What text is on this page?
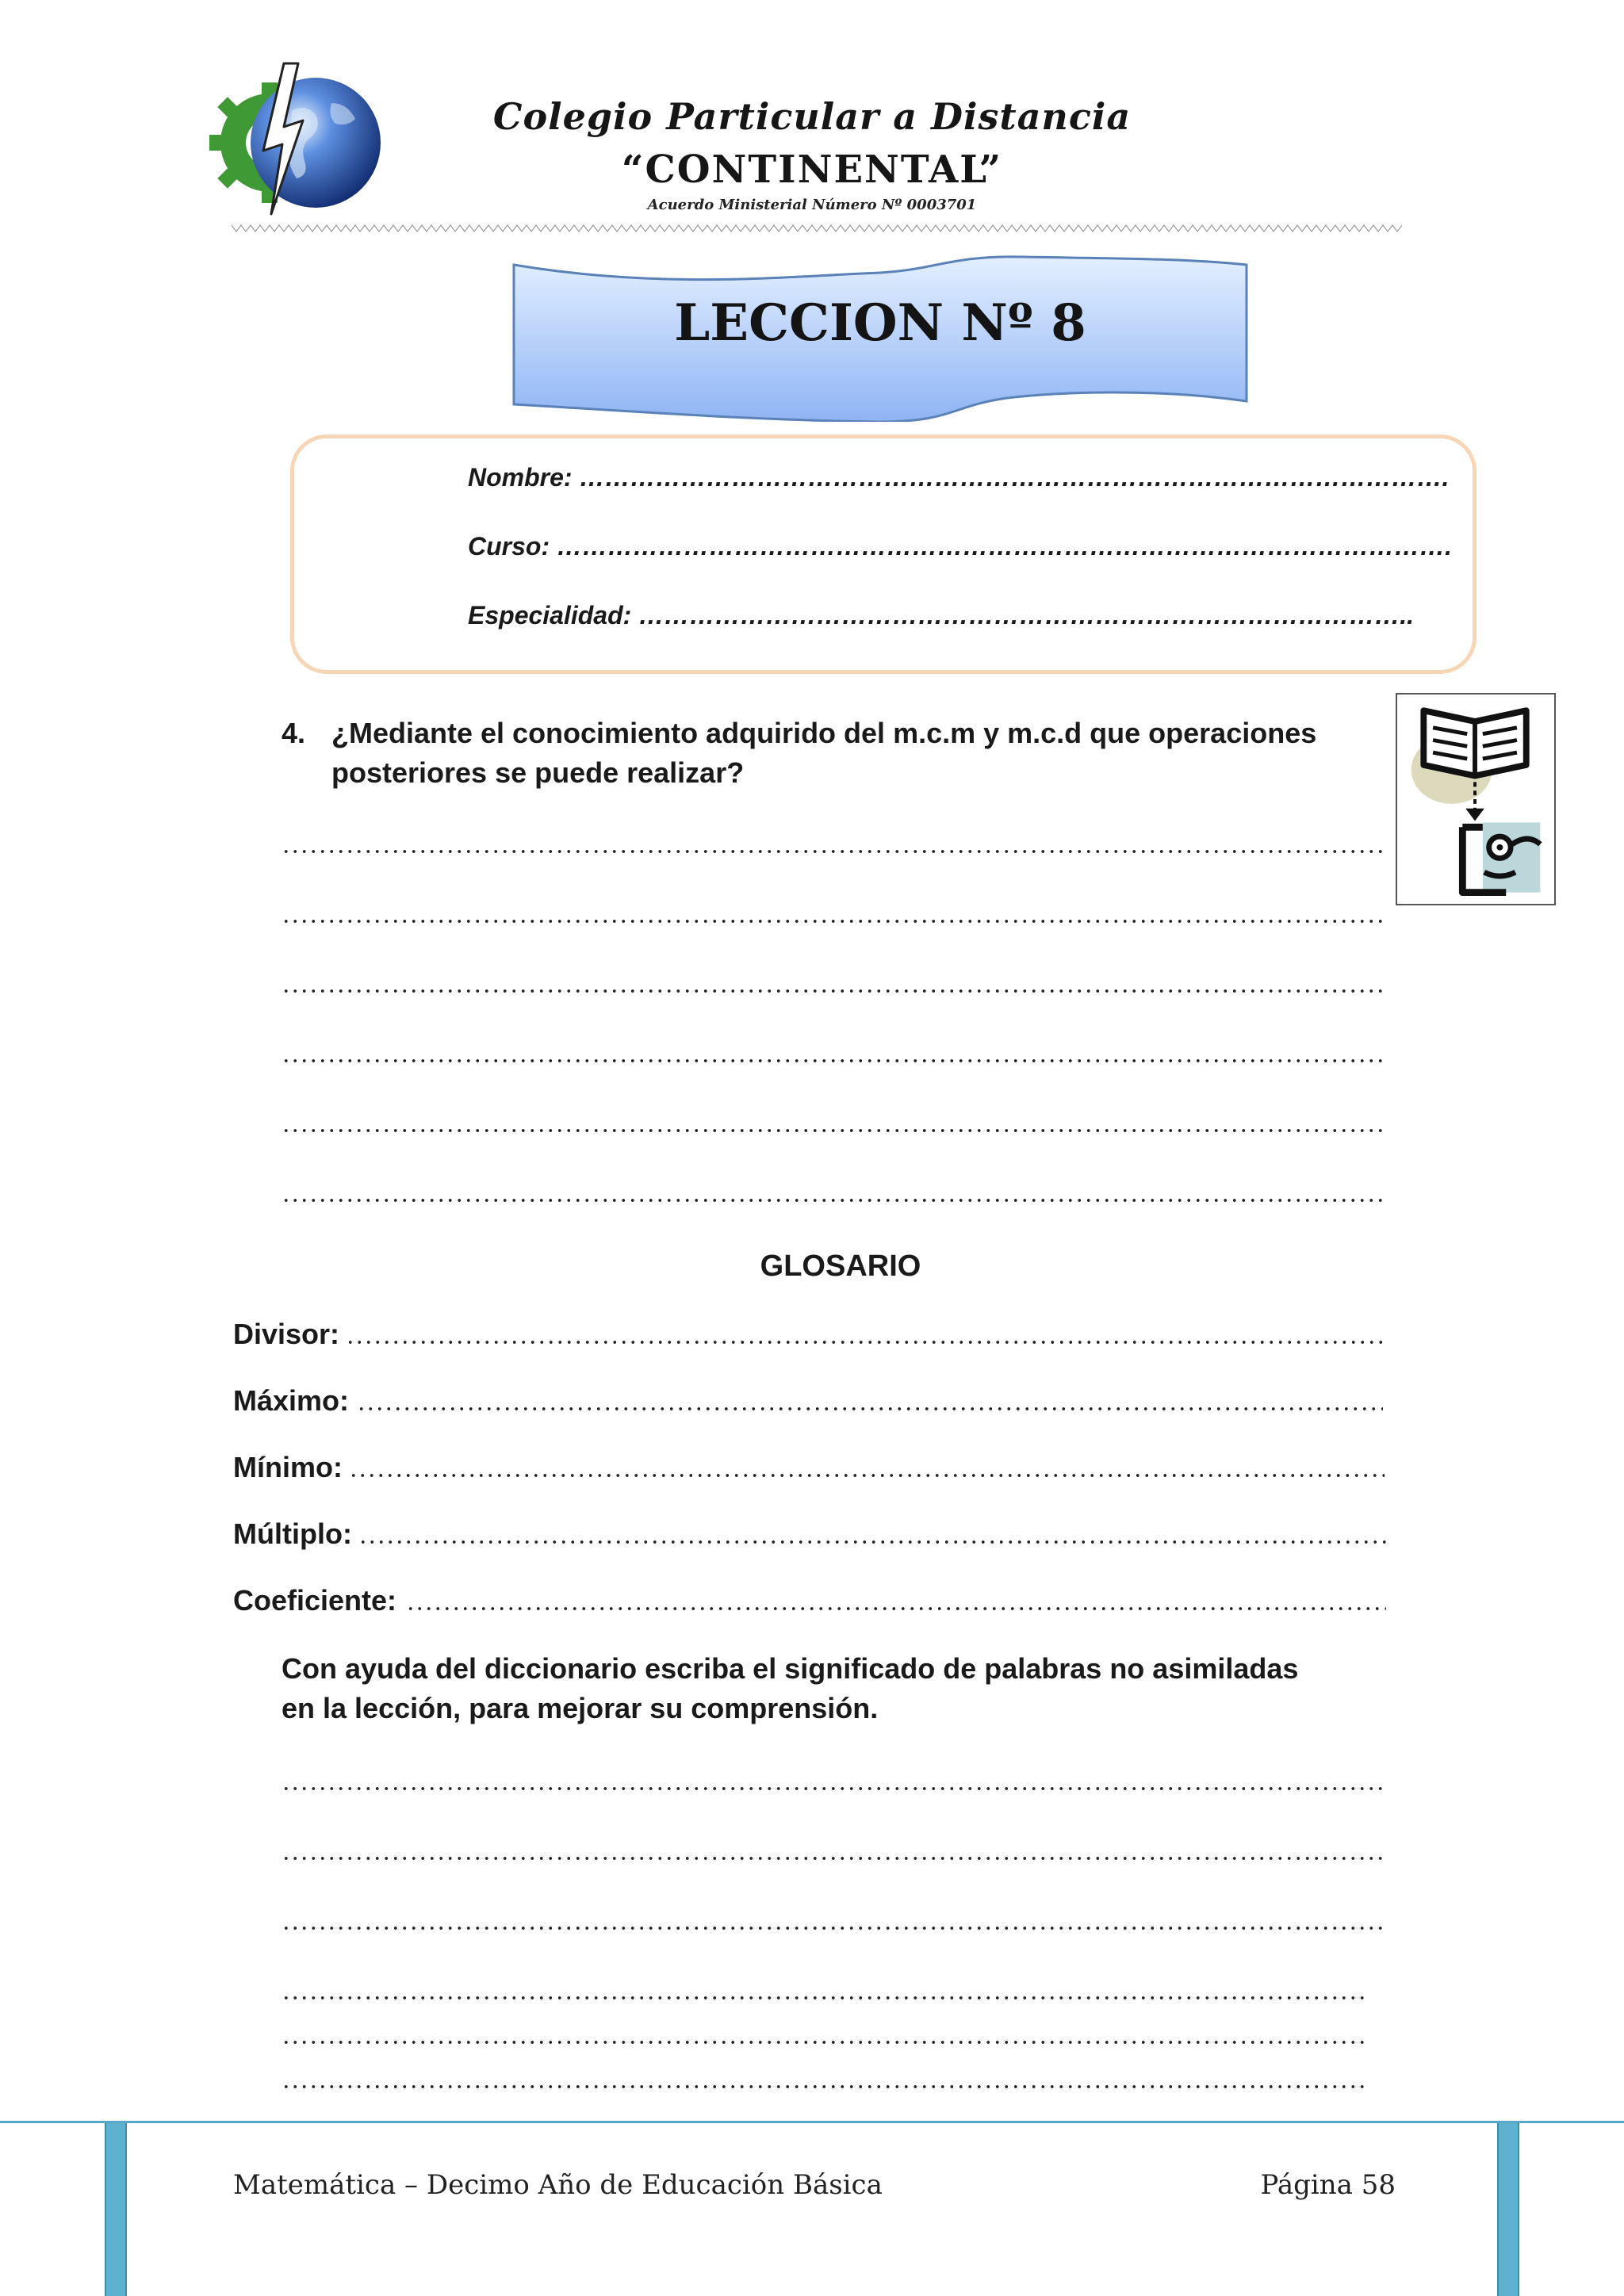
Colegio Particular a Distancia
“CONTINENTAL”
Acuerdo Ministerial Número Nº 0003701
LECCION Nº 8
Nombre: ………………………………………………………………………………………….
Curso: …………………………………………………………………………………………….
Especialidad: ………………………………………………………………………………..
4. ¿Mediante el conocimiento adquirido del m.c.m y m.c.d que operaciones
posteriores se puede realizar?
GLOSARIO
Divisor:
Máximo:
Mínimo:
Múltiplo:
Coeficiente:
Con ayuda del diccionario escriba el significado de palabras no asimiladas
en la lección, para mejorar su comprensión.
Matemática – Decimo Año de Educación Básica	Página 58
